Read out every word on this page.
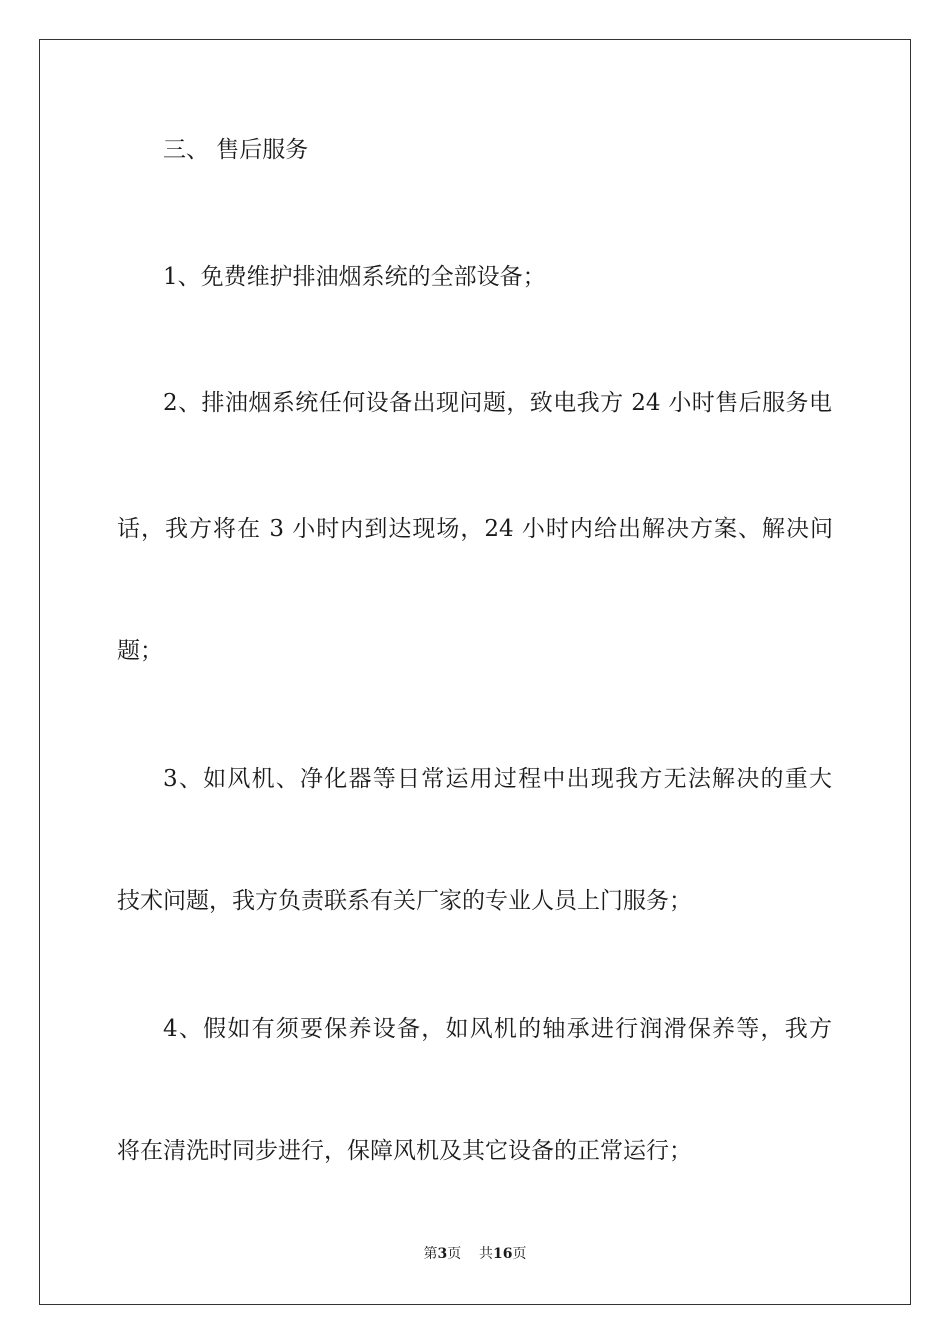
三、 售后服务
1、免费维护排油烟系统的全部设备；
2、排油烟系统任何设备出现问题，致电我方 24 小时售后服务电
话，我方将在 3 小时内到达现场，24 小时内给出解决方案、解决问
题；
3、如风机、净化器等日常运用过程中出现我方无法解决的重大
技术问题，我方负责联系有关厂家的专业人员上门服务；
4、假如有须要保养设备，如风机的轴承进行润滑保养等，我方
将在清洗时同步进行，保障风机及其它设备的正常运行；
第3页 共16页
